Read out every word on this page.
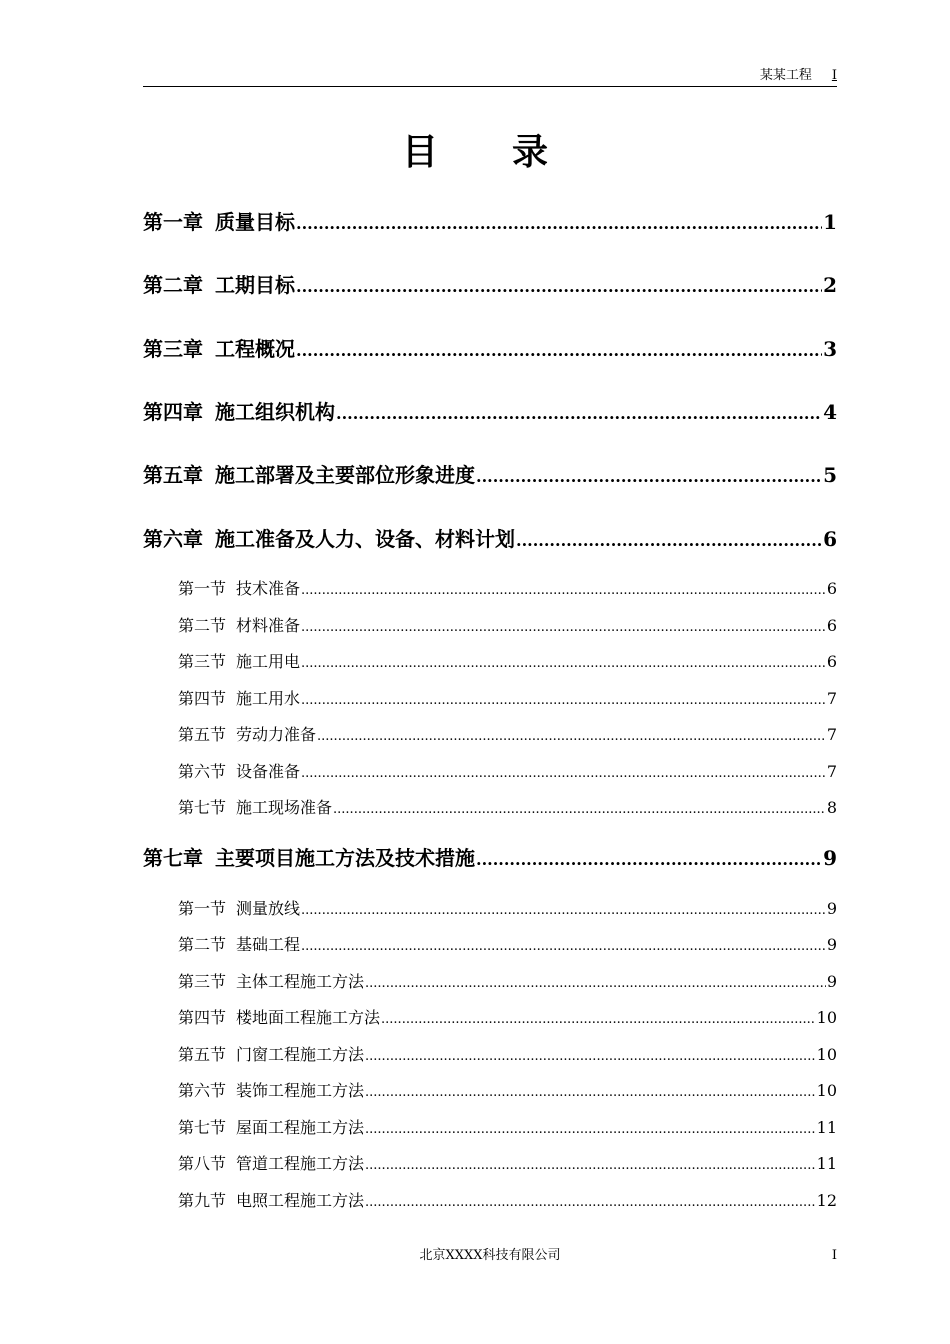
某某工程 I
目录
第一章 质量目标 .....	1
第二章 工期目标 .....	2
第三章 工程概况 .....	3
第四章 施工组织机构 .....	4
第五章 施工部署及主要部位形象进度 .....	5
第六章 施工准备及人力、设备、材料计划 .....	6
第一节 技术准备 .....	6
第二节 材料准备 .....	6
第三节 施工用电 .....	6
第四节 施工用水 .....	7
第五节 劳动力准备 .....	7
第六节 设备准备 .....	7
第七节 施工现场准备 .....	8
第七章 主要项目施工方法及技术措施 .....	9
第一节 测量放线 .....	9
第二节 基础工程 .....	9
第三节 主体工程施工方法 .....	9
第四节 楼地面工程施工方法 .....	10
第五节 门窗工程施工方法 .....	10
第六节 装饰工程施工方法 .....	10
第七节 屋面工程施工方法 .....	11
第八节 管道工程施工方法 .....	11
第九节 电照工程施工方法 .....	12
北京XXXX科技有限公司	I
